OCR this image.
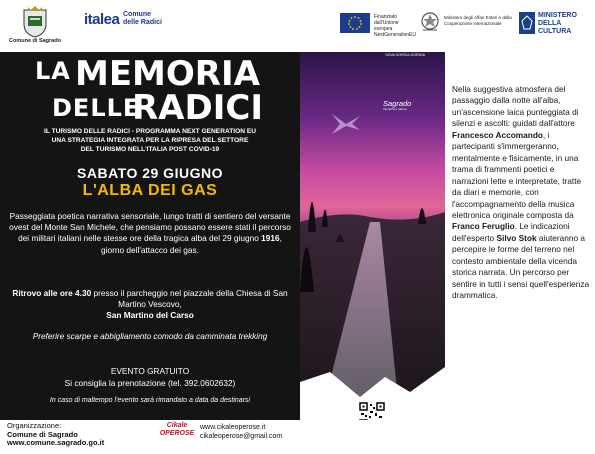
Comune di Sagrado
italea Comune delle Radici
Finanziato dall'Unione europea NextGenerationEU
Ministero degli Affari Esteri e della Cooperazione Internazionale
MINISTERO DELLA CULTURA
LA MEMORIA
DELLE
RADICI
IL TURISMO DELLE RADICI - PROGRAMMA NEXT GENERATION EU
UNA STRATEGIA INTEGRATA PER LA RIPRESA DEL SETTORE
DEL TURISMO NELL'ITALIA POST COVID-19
SABATO 29 GIUGNO
L'ALBA DEI GAS
Passeggiata poetica narrativa sensoriale, lungo tratti di sentiero del versante ovest del Monte San Michele, che pensiamo possano essere stati il percorso dei militari italiani nelle stesse ore della tragica alba del 29 giugno 1916, giorno dell'attacco dei gas.
Ritrovo alle ore 4.30 presso il parcheggio nel piazzale della Chiesa di San Martino Vescovo,
San Martino del Carso
Preferire scarpe e abbigliamento comodo da camminata trekking
EVENTO GRATUITO
Si consiglia la prenotazione (tel. 392.0602632)
In caso di maltempo l'evento sarà rimandato a data da destinarsi
GO! 2025
NOVA GORICA-GORIZIA
Sagrado
tra storia e natura
Nella suggestiva atmosfera del passaggio dalla notte all'alba, un'ascensione laica punteggiata di silenzi e ascolti: guidati dall'attore Francesco Accomando, i partecipanti s'immergeranno, mentalmente e fisicamente, in una trama di frammenti poetici e narrazioni lette e interpretate, tratte da diari e memorie, con l'accompagnamento della musica elettronica originale composta da Franco Feruglio. Le indicazioni dell'esperto Silvo Stok aiuteranno a percepire le forme del terreno nel contesto ambientale della vicenda storica narrata. Un percorso per sentire in tutti i sensi quell'esperienza drammatica.
Organizzazione:
Comune di Sagrado
www.comune.sagrado.go.it
Cikale OPEROSE
www.cikaleoperose.it
cikaleoperose@gmail.com
